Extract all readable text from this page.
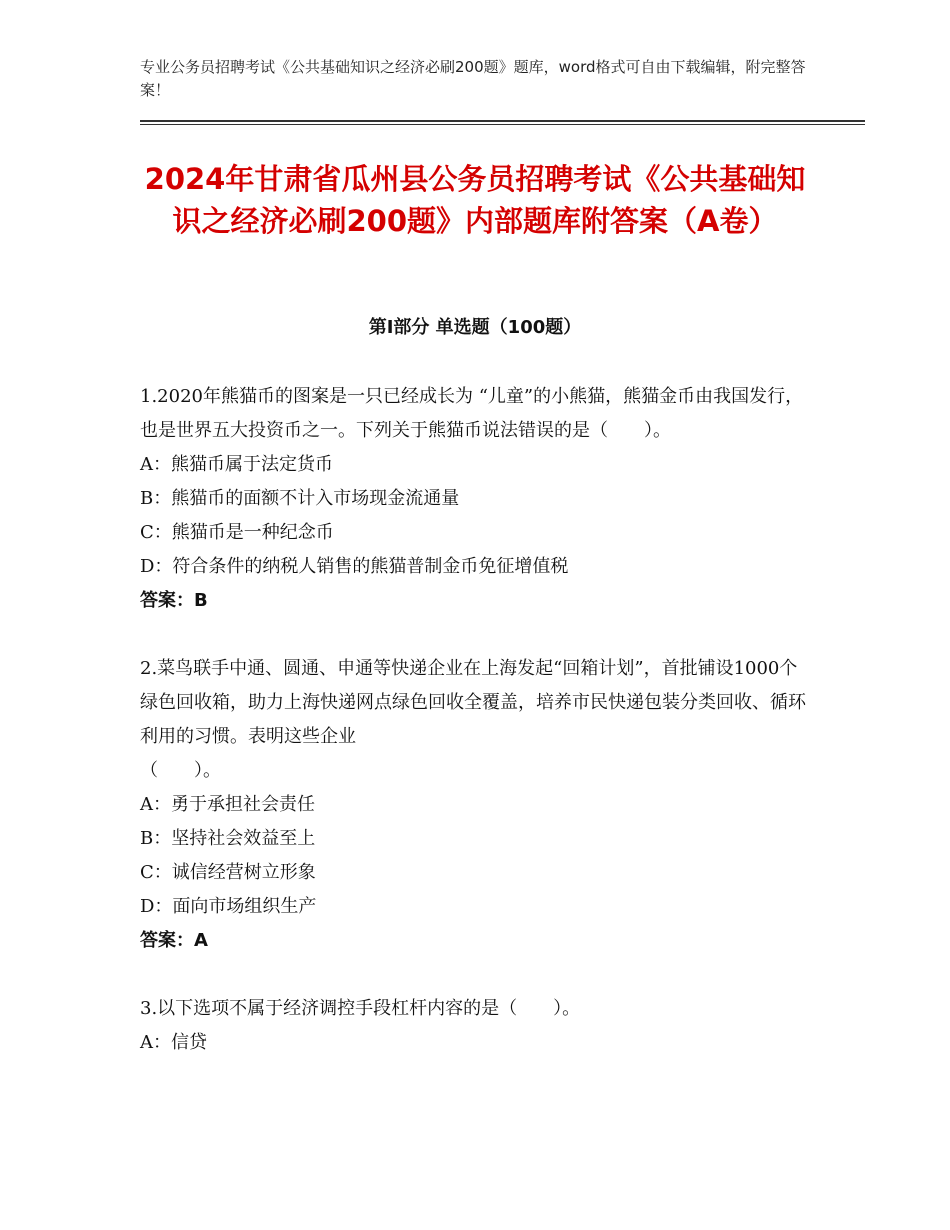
专业公务员招聘考试《公共基础知识之经济必刷200题》题库，word格式可自由下载编辑，附完整答案！
2024年甘肃省瓜州县公务员招聘考试《公共基础知识之经济必刷200题》内部题库附答案（A卷）
第Ⅰ部分 单选题（100题）
1.2020年熊猫币的图案是一只已经成长为 “儿童”的小熊猫，熊猫金币由我国发行，也是世界五大投资币之一。下列关于熊猫币说法错误的是（　　）。
A：熊猫币属于法定货币
B：熊猫币的面额不计入市场现金流通量
C：熊猫币是一种纪念币
D：符合条件的纳税人销售的熊猫普制金币免征增值税
答案：B
2.菜鸟联手中通、圆通、申通等快递企业在上海发起“回箱计划”，首批铺设1000个绿色回收箱，助力上海快递网点绿色回收全覆盖，培养市民快递包装分类回收、循环利用的习惯。表明这些企业
（　　）。
A：勇于承担社会责任
B：坚持社会效益至上
C：诚信经营树立形象
D：面向市场组织生产
答案：A
3.以下选项不属于经济调控手段杠杆内容的是（　　）。
A：信贷
